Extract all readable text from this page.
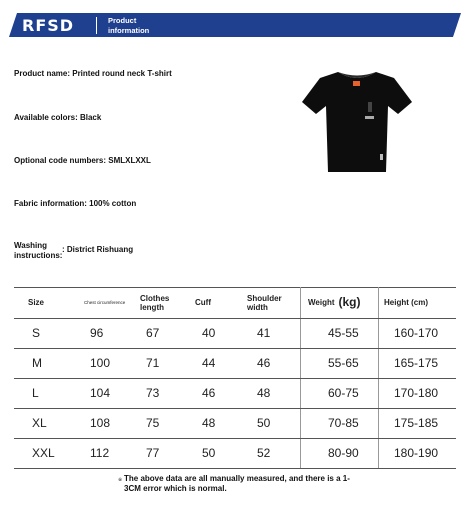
RFSD	Product information
Product name: Printed round neck T-shirt
Available colors: Black
Optional code numbers: SMLXLXXL
Fabric information: 100% cotton
Washing instructions:
: District Rishuang
Size	Chest circumference	Clothes length	Cuff	Shoulder width	Weight (kg)	Height (cm)
S	96	67	40	41	45-55	160-170
M	100	71	44	46	55-65	165-175
L	104	73	46	48	60-75	170-180
XL	108	75	48	50	70-85	175-185
XXL	112	77	50	52	80-90	180-190
※ The above data are all manually measured, and there is a 1-3CM error which is normal.
